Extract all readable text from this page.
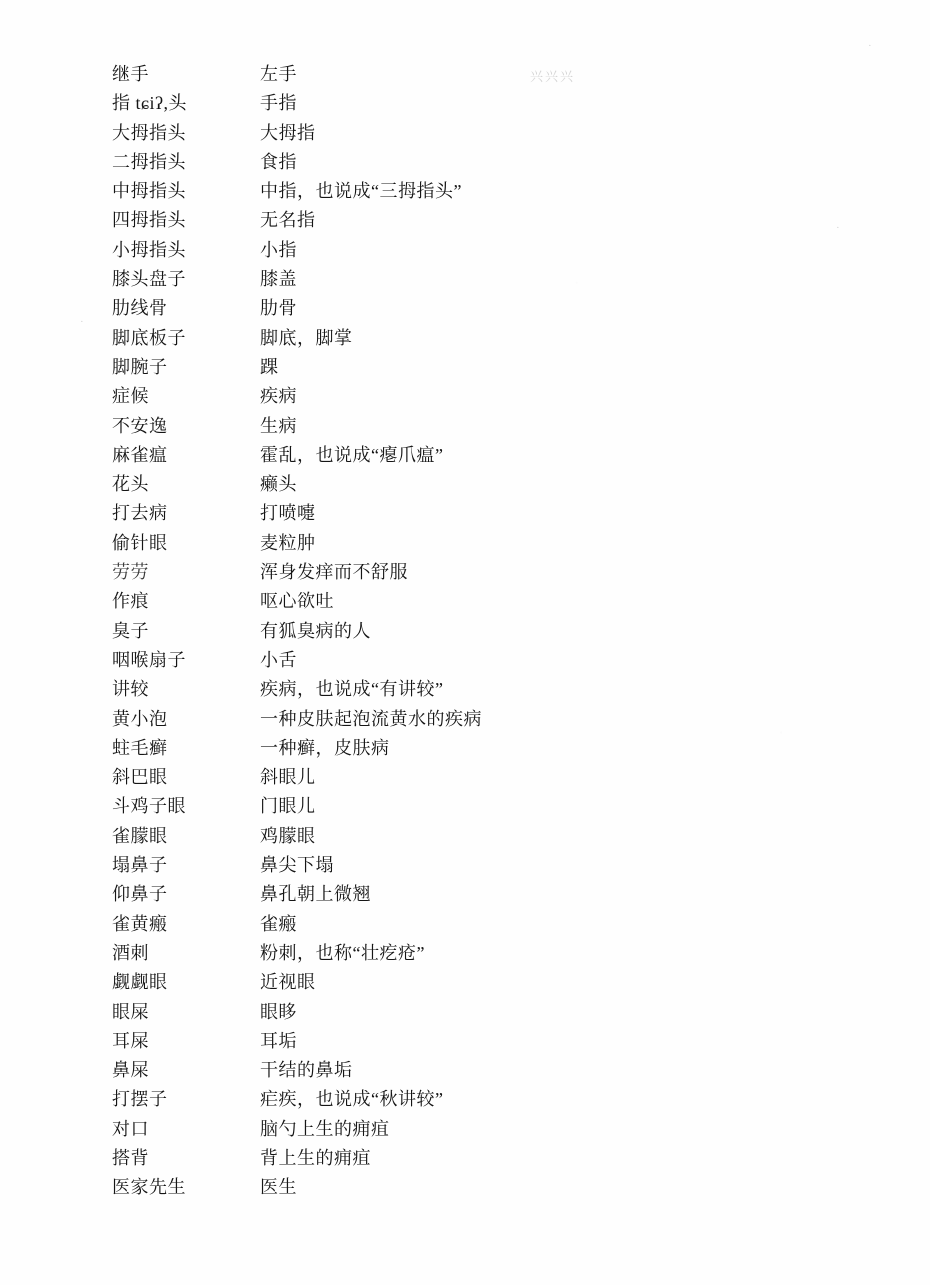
兴兴兴
·
·
·
继手	左手
指 tɕiʔ,头	手指
大拇指头	大拇指
二拇指头	食指
中拇指头	中指，也说成“三拇指头”
四拇指头	无名指
小拇指头	小指
膝头盘子	膝盖
肋线骨	肋骨
脚底板子	脚底，脚掌
脚腕子	踝
症候	疾病
不安逸	生病
麻雀瘟	霍乱，也说成“瘪爪瘟”
花头	癞头
打去病	打喷嚏
偷针眼	麦粒肿
劳劳	浑身发痒而不舒服
作痕	呕心欲吐
臭子	有狐臭病的人
咽喉扇子	小舌
讲较	疾病，也说成“有讲较”
黄小泡	一种皮肤起泡流黄水的疾病
蛀毛癣	一种癣，皮肤病
斜巴眼	斜眼儿
斗鸡子眼	门眼儿
雀朦眼	鸡朦眼
塌鼻子	鼻尖下塌
仰鼻子	鼻孔朝上微翘
雀黄瘢	雀瘢
酒刺	粉刺，也称“壮疙疮”
觑觑眼	近视眼
眼屎	眼眵
耳屎	耳垢
鼻屎	干结的鼻垢
打摆子	疟疾，也说成“秋讲较”
对口	脑勺上生的痈疽
搭背	背上生的痈疽
医家先生	医生
